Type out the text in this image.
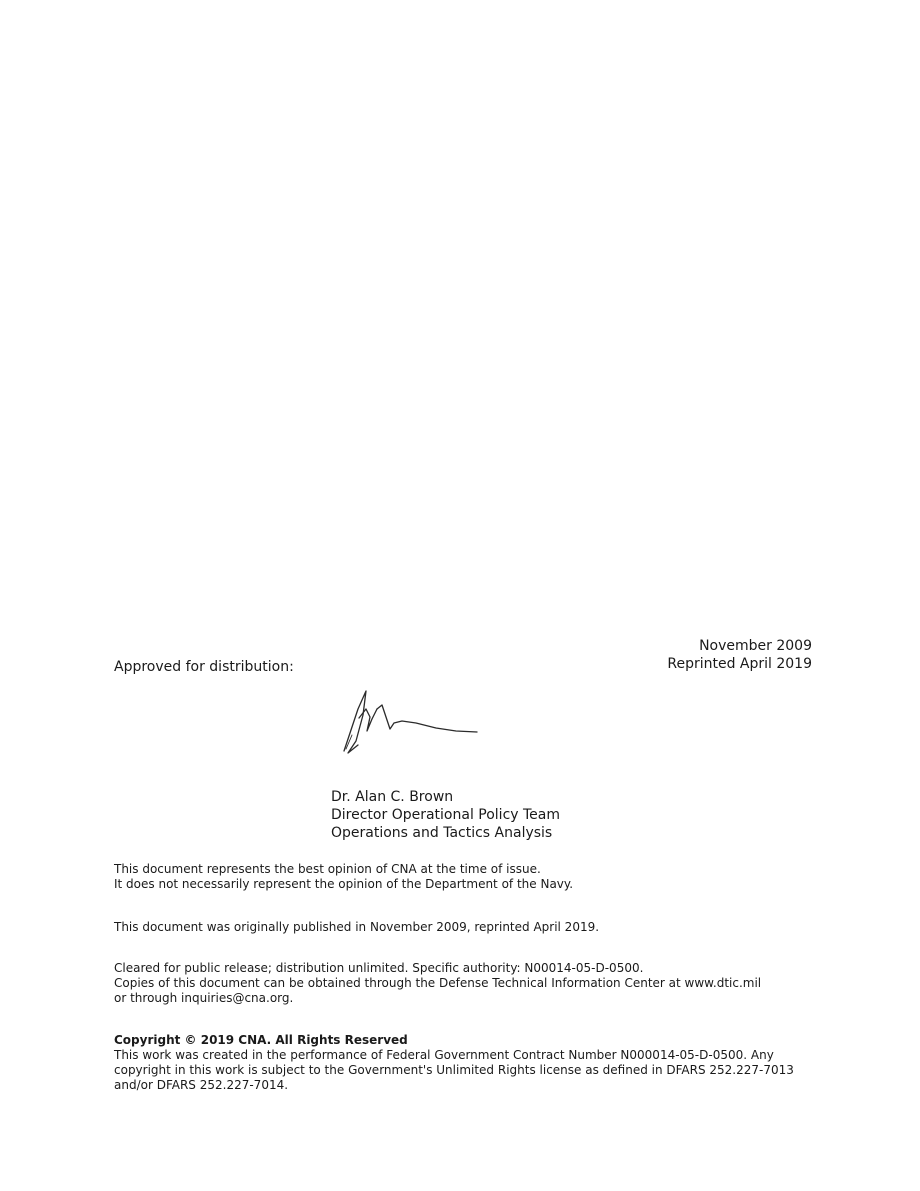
November 2009
Reprinted April 2019

Approved for distribution:

Dr. Alan C. Brown
Director Operational Policy Team
Operations and Tactics Analysis
This document represents the best opinion of CNA at the time of issue.
It does not necessarily represent the opinion of the Department of the Navy.
This document was originally published in November 2009, reprinted April 2019.
Cleared for public release; distribution unlimited. Specific authority: N00014-05-D-0500.
Copies of this document can be obtained through the Defense Technical Information Center at www.dtic.mil
or through inquiries@cna.org.
Copyright © 2019 CNA. All Rights Reserved
This work was created in the performance of Federal Government Contract Number N000014-05-D-0500. Any
copyright in this work is subject to the Government's Unlimited Rights license as defined in DFARS 252.227-7013
and/or DFARS 252.227-7014.
